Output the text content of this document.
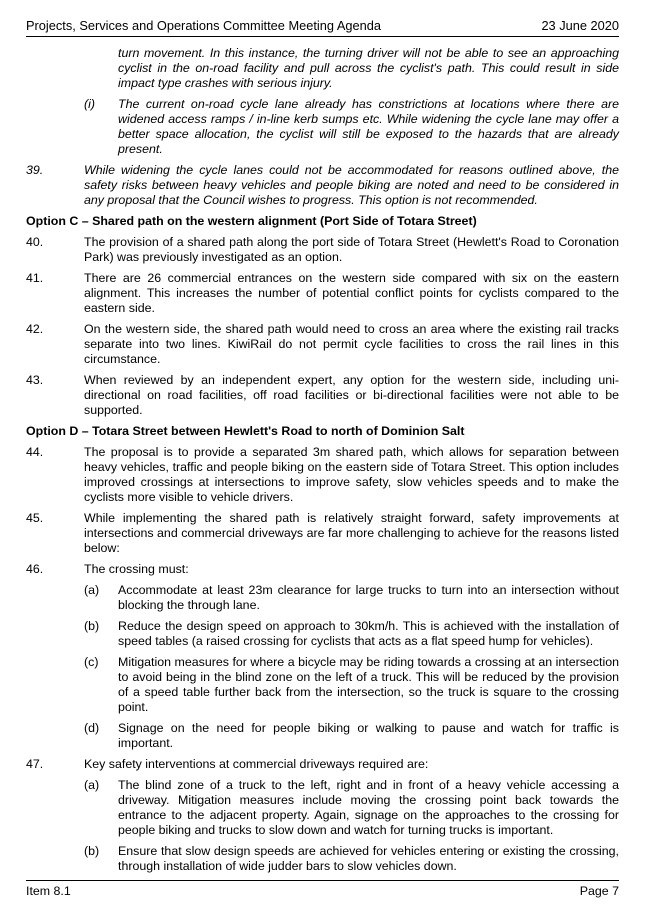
Projects, Services and Operations Committee Meeting Agenda	23 June 2020

turn movement. In this instance, the turning driver will not be able to see an approaching cyclist in the on-road facility and pull across the cyclist's path. This could result in side impact type crashes with serious injury.

(i) The current on-road cycle lane already has constrictions at locations where there are widened access ramps / in-line kerb sumps etc. While widening the cycle lane may offer a better space allocation, the cyclist will still be exposed to the hazards that are already present.
39.	While widening the cycle lanes could not be accommodated for reasons outlined above, the safety risks between heavy vehicles and people biking are noted and need to be considered in any proposal that the Council wishes to progress. This option is not recommended.
Option C – Shared path on the western alignment (Port Side of Totara Street)
40.	The provision of a shared path along the port side of Totara Street (Hewlett's Road to Coronation Park) was previously investigated as an option.
41.	There are 26 commercial entrances on the western side compared with six on the eastern alignment. This increases the number of potential conflict points for cyclists compared to the eastern side.
42.	On the western side, the shared path would need to cross an area where the existing rail tracks separate into two lines. KiwiRail do not permit cycle facilities to cross the rail lines in this circumstance.
43.	When reviewed by an independent expert, any option for the western side, including uni-directional on road facilities, off road facilities or bi-directional facilities were not able to be supported.
Option D – Totara Street between Hewlett's Road to north of Dominion Salt
44.	The proposal is to provide a separated 3m shared path, which allows for separation between heavy vehicles, traffic and people biking on the eastern side of Totara Street. This option includes improved crossings at intersections to improve safety, slow vehicles speeds and to make the cyclists more visible to vehicle drivers.
45.	While implementing the shared path is relatively straight forward, safety improvements at intersections and commercial driveways are far more challenging to achieve for the reasons listed below:
46.	The crossing must:
(a) Accommodate at least 23m clearance for large trucks to turn into an intersection without blocking the through lane.
(b) Reduce the design speed on approach to 30km/h. This is achieved with the installation of speed tables (a raised crossing for cyclists that acts as a flat speed hump for vehicles).
(c) Mitigation measures for where a bicycle may be riding towards a crossing at an intersection to avoid being in the blind zone on the left of a truck. This will be reduced by the provision of a speed table further back from the intersection, so the truck is square to the crossing point.
(d) Signage on the need for people biking or walking to pause and watch for traffic is important.
47.	Key safety interventions at commercial driveways required are:
(a) The blind zone of a truck to the left, right and in front of a heavy vehicle accessing a driveway. Mitigation measures include moving the crossing point back towards the entrance to the adjacent property. Again, signage on the approaches to the crossing for people biking and trucks to slow down and watch for turning trucks is important.
(b) Ensure that slow design speeds are achieved for vehicles entering or existing the crossing, through installation of wide judder bars to slow vehicles down.
Item 8.1	Page 7
